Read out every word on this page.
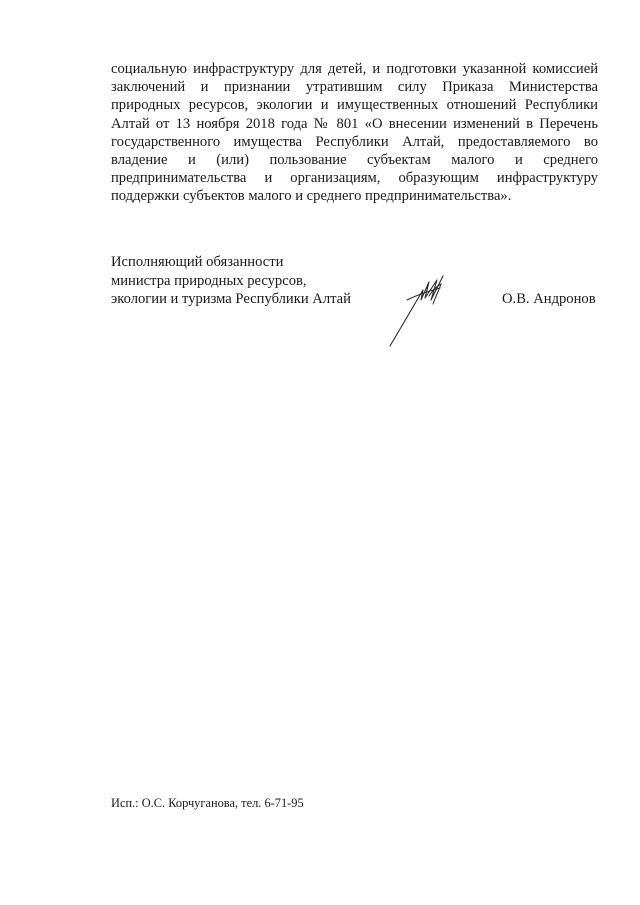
социальную инфраструктуру для детей, и подготовки указанной комиссией
заключений и признании утратившим силу Приказа Министерства
природных ресурсов, экологии и имущественных отношений Республики
Алтай от 13 ноября 2018 года № 801 «О внесении изменений в Перечень
государственного имущества Республики Алтай, предоставляемого во
владение и (или) пользование субъектам малого и среднего
предпринимательства и организациям, образующим инфраструктуру
поддержки субъектов малого и среднего предпринимательства».
Исполняющий обязанности
министра природных ресурсов,
экологии и туризма Республики Алтай	О.В. Андронов
Исп.: О.С. Корчуганова, тел. 6-71-95
